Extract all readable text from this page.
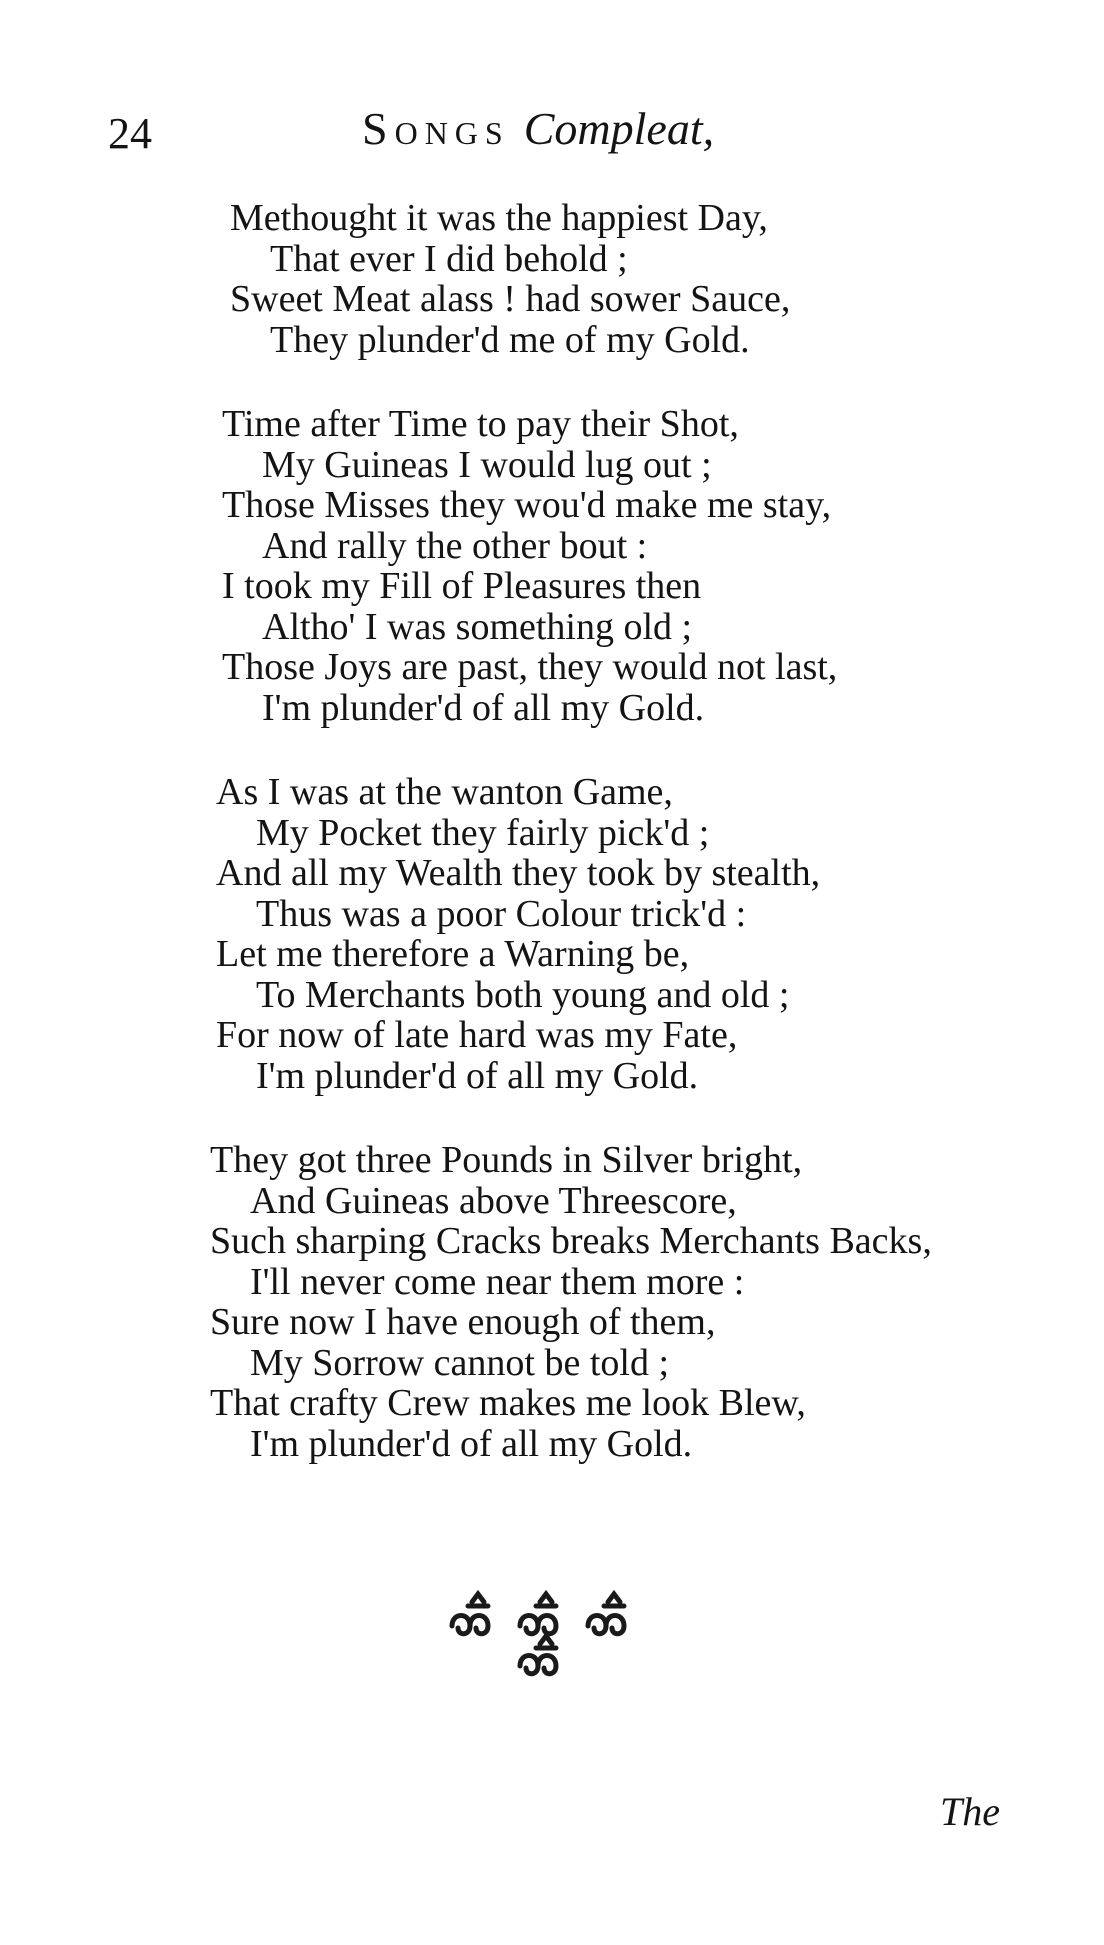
24	Songs Compleat,
Methought it was the happiest Day,
That ever I did behold ;
Sweet Meat alass ! had sower Sauce,
They plunder'd me of my Gold.
Time after Time to pay their Shot,
My Guineas I would lug out ;
Those Misses they wou'd make me stay,
And rally the other bout :
I took my Fill of Pleasures then
Altho' I was something old ;
Those Joys are past, they would not last,
I'm plunder'd of all my Gold.
As I was at the wanton Game,
My Pocket they fairly pick'd ;
And all my Wealth they took by stealth,
Thus was a poor Colour trick'd :
Let me therefore a Warning be,
To Merchants both young and old ;
For now of late hard was my Fate,
I'm plunder'd of all my Gold.
They got three Pounds in Silver bright,
And Guineas above Threescore,
Such sharping Cracks breaks Merchants Backs,
I'll never come near them more :
Sure now I have enough of them,
My Sorrow cannot be told ;
That crafty Crew makes me look Blew,
I'm plunder'd of all my Gold.
The
